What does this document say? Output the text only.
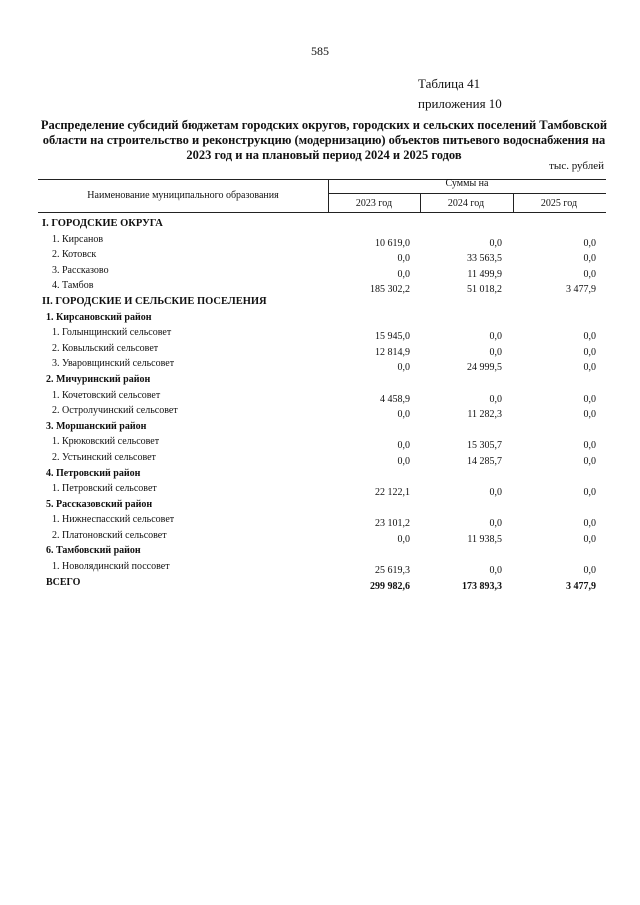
585
Таблица 41
приложения 10
Распределение субсидий бюджетам городских округов, городских и сельских поселений Тамбовской области на строительство и реконструкцию (модернизацию) объектов питьевого водоснабжения на 2023 год и на плановый период 2024 и 2025 годов
тыс. рублей
Наименование муниципального образования
Суммы на
2023 год	2024 год	2025 год
I. ГОРОДСКИЕ ОКРУГА
1. Кирсанов	10 619,0	0,0	0,0
2. Котовск	0,0	33 563,5	0,0
3. Рассказово	0,0	11 499,9	0,0
4. Тамбов	185 302,2	51 018,2	3 477,9
II. ГОРОДСКИЕ И СЕЛЬСКИЕ ПОСЕЛЕНИЯ
1. Кирсановский район
1. Голынщинский сельсовет	15 945,0	0,0	0,0
2. Ковыльский сельсовет	12 814,9	0,0	0,0
3. Уваровщинский сельсовет	0,0	24 999,5	0,0
2. Мичуринский район
1. Кочетовский сельсовет	4 458,9	0,0	0,0
2. Остролучинский сельсовет	0,0	11 282,3	0,0
3. Моршанский район
1. Крюковский сельсовет	0,0	15 305,7	0,0
2. Устьинский сельсовет	0,0	14 285,7	0,0
4. Петровский район
1. Петровский сельсовет	22 122,1	0,0	0,0
5. Рассказовский район
1. Нижнеспасский сельсовет	23 101,2	0,0	0,0
2. Платоновский сельсовет	0,0	11 938,5	0,0
6. Тамбовский район
1. Новолядинский поссовет	25 619,3	0,0	0,0
ВСЕГО	299 982,6	173 893,3	3 477,9
